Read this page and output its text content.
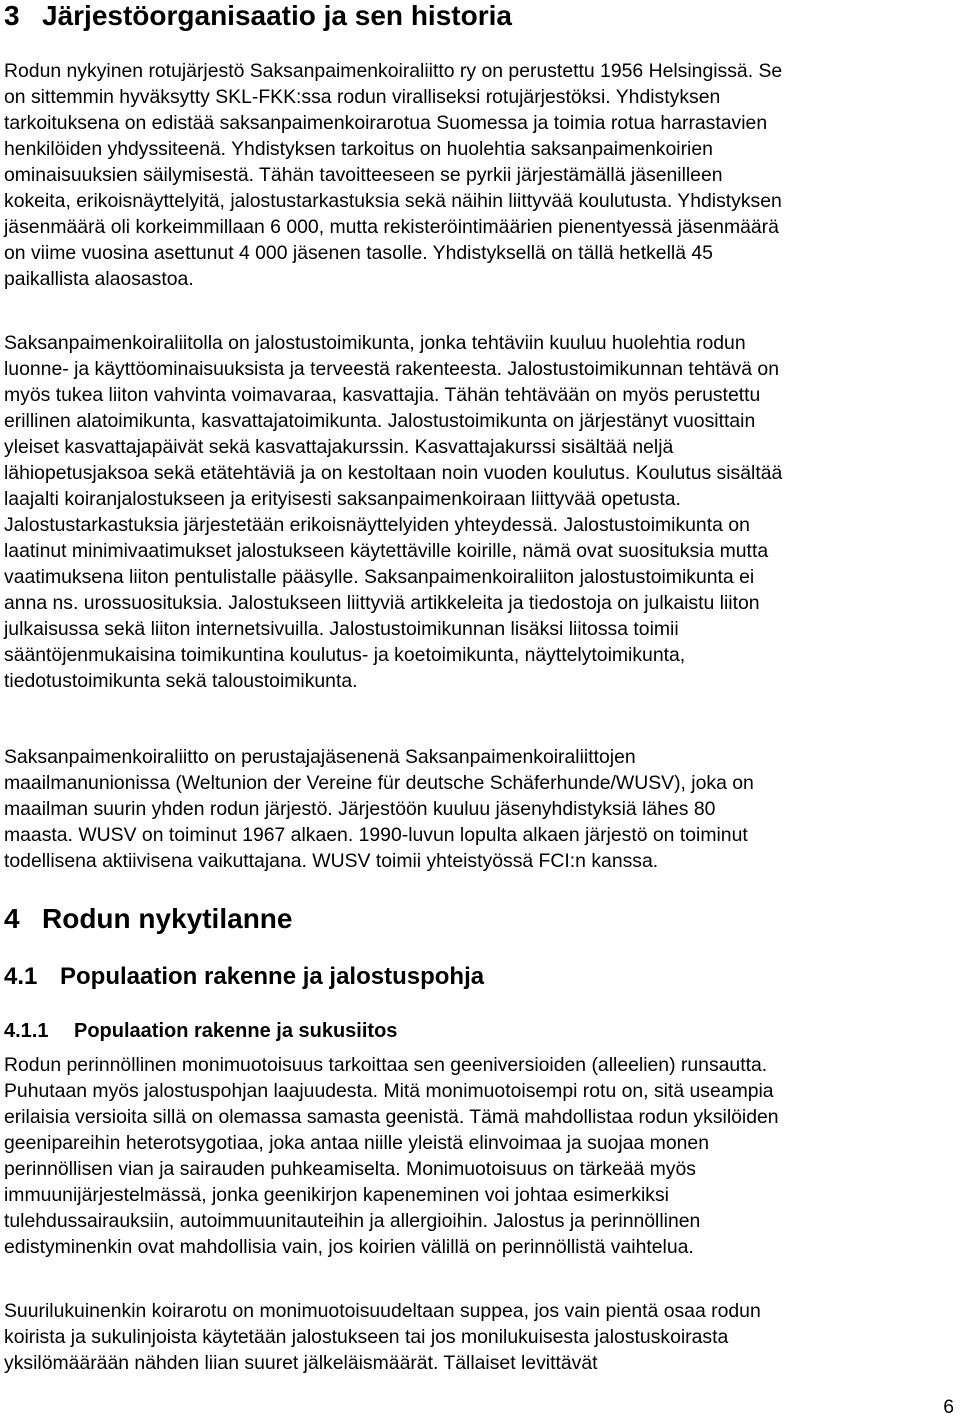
3 Järjestöorganisaatio ja sen historia
Rodun nykyinen rotujärjestö Saksanpaimenkoiraliitto ry on perustettu 1956 Helsingissä. Se
on sittemmin hyväksytty SKL-FKK:ssa rodun viralliseksi rotujärjestöksi. Yhdistyksen
tarkoituksena on edistää saksanpaimenkoirarotua Suomessa ja toimia rotua harrastavien
henkilöiden yhdyssiteenä. Yhdistyksen tarkoitus on huolehtia saksanpaimenkoirien
ominaisuuksien säilymisestä. Tähän tavoitteeseen se pyrkii järjestämällä jäsenilleen
kokeita, erikoisnäyttelyitä, jalostustarkastuksia sekä näihin liittyvää koulutusta. Yhdistyksen
jäsenmäärä oli korkeimmillaan 6 000, mutta rekisteröintimäärien pienentyessä jäsenmäärä
on viime vuosina asettunut 4 000 jäsenen tasolle. Yhdistyksellä on tällä hetkellä 45
paikallista alaosastoa.
Saksanpaimenkoiraliitolla on jalostustoimikunta, jonka tehtäviin kuuluu huolehtia rodun
luonne- ja käyttöominaisuuksista ja terveestä rakenteesta. Jalostustoimikunnan tehtävä on
myös tukea liiton vahvinta voimavaraa, kasvattajia. Tähän tehtävään on myös perustettu
erillinen alatoimikunta, kasvattajatoimikunta. Jalostustoimikunta on järjestänyt vuosittain
yleiset kasvattajapäivät sekä kasvattajakurssin. Kasvattajakurssi sisältää neljä
lähiopetusjaksoa sekä etätehtäviä ja on kestoltaan noin vuoden koulutus. Koulutus sisältää
laajalti koiranjalostukseen ja erityisesti saksanpaimenkoiraan liittyvää opetusta.
Jalostustarkastuksia järjestetään erikoisnäyttelyiden yhteydessä. Jalostustoimikunta on
laatinut minimivaatimukset jalostukseen käytettäville koirille, nämä ovat suosituksia mutta
vaatimuksena liiton pentulistalle pääsylle. Saksanpaimenkoiraliiton jalostustoimikunta ei
anna ns. urossuosituksia. Jalostukseen liittyviä artikkeleita ja tiedostoja on julkaistu liiton
julkaisussa sekä liiton internetsivuilla. Jalostustoimikunnan lisäksi liitossa toimii
sääntöjenmukaisina toimikuntina koulutus- ja koetoimikunta, näyttelytoimikunta,
tiedotustoimikunta sekä taloustoimikunta.
Saksanpaimenkoiraliitto on perustajajäsenenä Saksanpaimenkoiraliittojen
maailmanunionissa (Weltunion der Vereine für deutsche Schäferhunde/WUSV), joka on
maailman suurin yhden rodun järjestö. Järjestöön kuuluu jäsenyhdistyksiä lähes 80
maasta. WUSV on toiminut 1967 alkaen. 1990-luvun lopulta alkaen järjestö on toiminut
todellisena aktiivisena vaikuttajana. WUSV toimii yhteistyössä FCI:n kanssa.
4 Rodun nykytilanne
4.1 Populaation rakenne ja jalostuspohja
4.1.1 Populaation rakenne ja sukusiitos
Rodun perinnöllinen monimuotoisuus tarkoittaa sen geeniversioiden (alleelien) runsautta.
Puhutaan myös jalostuspohjan laajuudesta. Mitä monimuotoisempi rotu on, sitä useampia
erilaisia versioita sillä on olemassa samasta geenistä. Tämä mahdollistaa rodun yksilöiden
geenipareihin heterotsygotiaa, joka antaa niille yleistä elinvoimaa ja suojaa monen
perinnöllisen vian ja sairauden puhkeamiselta. Monimuotoisuus on tärkeää myös
immuunijärjestelmässä, jonka geenikirjon kapeneminen voi johtaa esimerkiksi
tulehdussairauksiin, autoimmuunitauteihin ja allergioihin. Jalostus ja perinnöllinen
edistyminenkin ovat mahdollisia vain, jos koirien välillä on perinnöllistä vaihtelua.
Suurilukuinenkin koirarotu on monimuotoisuudeltaan suppea, jos vain pientä osaa rodun
koirista ja sukulinjoista käytetään jalostukseen tai jos monilukuisesta jalostuskoirasta
yksilömäärään nähden liian suuret jälkeläismäärät. Tällaiset levittävät
6
